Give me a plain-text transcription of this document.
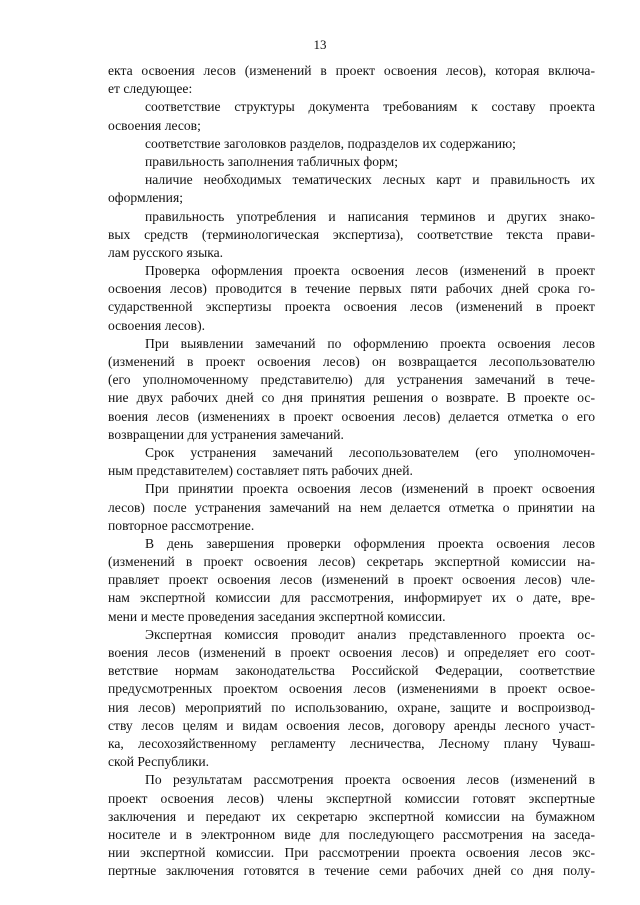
13
екта освоения лесов (изменений в проект освоения лесов), которая включа-
ет следующее:
соответствие структуры документа требованиям к составу проекта
освоения лесов;
соответствие заголовков разделов, подразделов их содержанию;
правильность заполнения табличных форм;
наличие необходимых тематических лесных карт и правильность их
оформления;
правильность употребления и написания терминов и других знако-
вых средств (терминологическая экспертиза), соответствие текста прави-
лам русского языка.
Проверка оформления проекта освоения лесов (изменений в проект
освоения лесов) проводится в течение первых пяти рабочих дней срока го-
сударственной экспертизы проекта освоения лесов (изменений в проект
освоения лесов).
При выявлении замечаний по оформлению проекта освоения лесов
(изменений в проект освоения лесов) он возвращается лесопользователю
(его уполномоченному представителю) для устранения замечаний в тече-
ние двух рабочих дней со дня принятия решения о возврате. В проекте ос-
воения лесов (изменениях в проект освоения лесов) делается отметка о его
возвращении для устранения замечаний.
Срок устранения замечаний лесопользователем (его уполномочен-
ным представителем) составляет пять рабочих дней.
При принятии проекта освоения лесов (изменений в проект освоения
лесов) после устранения замечаний на нем делается отметка о принятии на
повторное рассмотрение.
В день завершения проверки оформления проекта освоения лесов
(изменений в проект освоения лесов) секретарь экспертной комиссии на-
правляет проект освоения лесов (изменений в проект освоения лесов) чле-
нам экспертной комиссии для рассмотрения, информирует их о дате, вре-
мени и месте проведения заседания экспертной комиссии.
Экспертная комиссия проводит анализ представленного проекта ос-
воения лесов (изменений в проект освоения лесов) и определяет его соот-
ветствие нормам законодательства Российской Федерации, соответствие
предусмотренных проектом освоения лесов (изменениями в проект освое-
ния лесов) мероприятий по использованию, охране, защите и воспроизвод-
ству лесов целям и видам освоения лесов, договору аренды лесного участ-
ка, лесохозяйственному регламенту лесничества, Лесному плану Чуваш-
ской Республики.
По результатам рассмотрения проекта освоения лесов (изменений в
проект освоения лесов) члены экспертной комиссии готовят экспертные
заключения и передают их секретарю экспертной комиссии на бумажном
носителе и в электронном виде для последующего рассмотрения на заседа-
нии экспертной комиссии. При рассмотрении проекта освоения лесов экс-
пертные заключения готовятся в течение семи рабочих дней со дня полу-
